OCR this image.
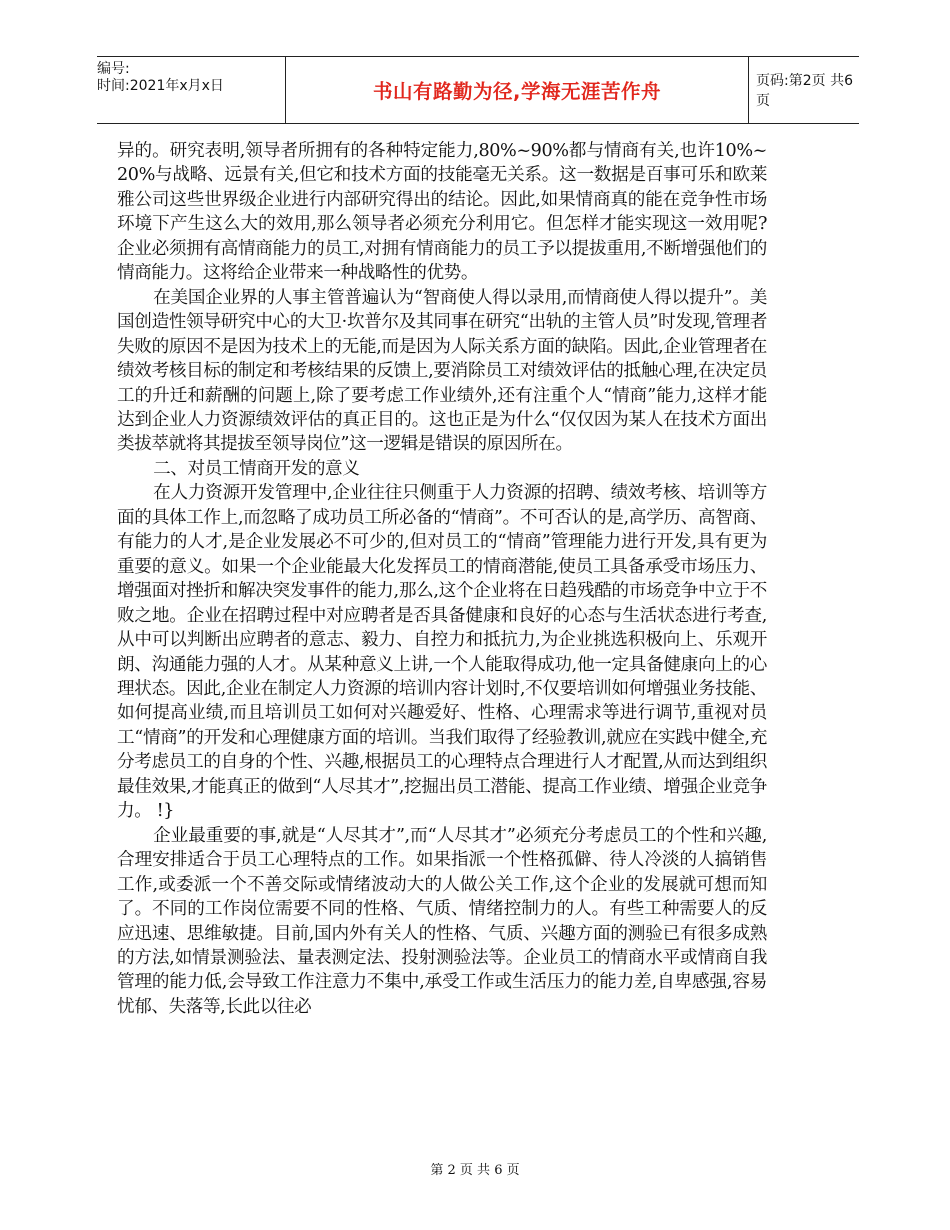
编号:
时间:2021年x月x日	书山有路勤为径,学海无涯苦作舟	页码:第2页 共6页

异的。研究表明,领导者所拥有的各种特定能力,80%~90%都与情商有关,也许10%~20%与战略、远景有关,但它和技术方面的技能毫无关系。这一数据是百事可乐和欧莱雅公司这些世界级企业进行内部研究得出的结论。因此,如果情商真的能在竞争性市场环境下产生这么大的效用,那么领导者必须充分利用它。但怎样才能实现这一效用呢?企业必须拥有高情商能力的员工,对拥有情商能力的员工予以提拔重用,不断增强他们的情商能力。这将给企业带来一种战略性的优势。

在美国企业界的人事主管普遍认为“智商使人得以录用,而情商使人得以提升”。美国创造性领导研究中心的大卫·坎普尔及其同事在研究“出轨的主管人员”时发现,管理者失败的原因不是因为技术上的无能,而是因为人际关系方面的缺陷。因此,企业管理者在绩效考核目标的制定和考核结果的反馈上,要消除员工对绩效评估的抵触心理,在决定员工的升迁和薪酬的问题上,除了要考虑工作业绩外,还有注重个人“情商”能力,这样才能达到企业人力资源绩效评估的真正目的。这也正是为什么“仅仅因为某人在技术方面出类拔萃就将其提拔至领导岗位”这一逻辑是错误的原因所在。

二、对员工情商开发的意义

在人力资源开发管理中,企业往往只侧重于人力资源的招聘、绩效考核、培训等方面的具体工作上,而忽略了成功员工所必备的“情商”。不可否认的是,高学历、高智商、有能力的人才,是企业发展必不可少的,但对员工的“情商”管理能力进行开发,具有更为重要的意义。如果一个企业能最大化发挥员工的情商潜能,使员工具备承受市场压力、增强面对挫折和解决突发事件的能力,那么,这个企业将在日趋残酷的市场竞争中立于不败之地。企业在招聘过程中对应聘者是否具备健康和良好的心态与生活状态进行考查,从中可以判断出应聘者的意志、毅力、自控力和抵抗力,为企业挑选积极向上、乐观开朗、沟通能力强的人才。从某种意义上讲,一个人能取得成功,他一定具备健康向上的心理状态。因此,企业在制定人力资源的培训内容计划时,不仅要培训如何增强业务技能、如何提高业绩,而且培训员工如何对兴趣爱好、性格、心理需求等进行调节,重视对员工“情商”的开发和心理健康方面的培训。当我们取得了经验教训,就应在实践中健全,充分考虑员工的自身的个性、兴趣,根据员工的心理特点合理进行人才配置,从而达到组织最佳效果,才能真正的做到“人尽其才”,挖掘出员工潜能、提高工作业绩、增强企业竞争力。 !}

企业最重要的事,就是“人尽其才”,而“人尽其才”必须充分考虑员工的个性和兴趣,合理安排适合于员工心理特点的工作。如果指派一个性格孤僻、待人冷淡的人搞销售工作,或委派一个不善交际或情绪波动大的人做公关工作,这个企业的发展就可想而知了。不同的工作岗位需要不同的性格、气质、情绪控制力的人。有些工种需要人的反应迅速、思维敏捷。目前,国内外有关人的性格、气质、兴趣方面的测验已有很多成熟的方法,如情景测验法、量表测定法、投射测验法等。企业员工的情商水平或情商自我管理的能力低,会导致工作注意力不集中,承受工作或生活压力的能力差,自卑感强,容易忧郁、失落等,长此以往必

第 2 页 共 6 页
